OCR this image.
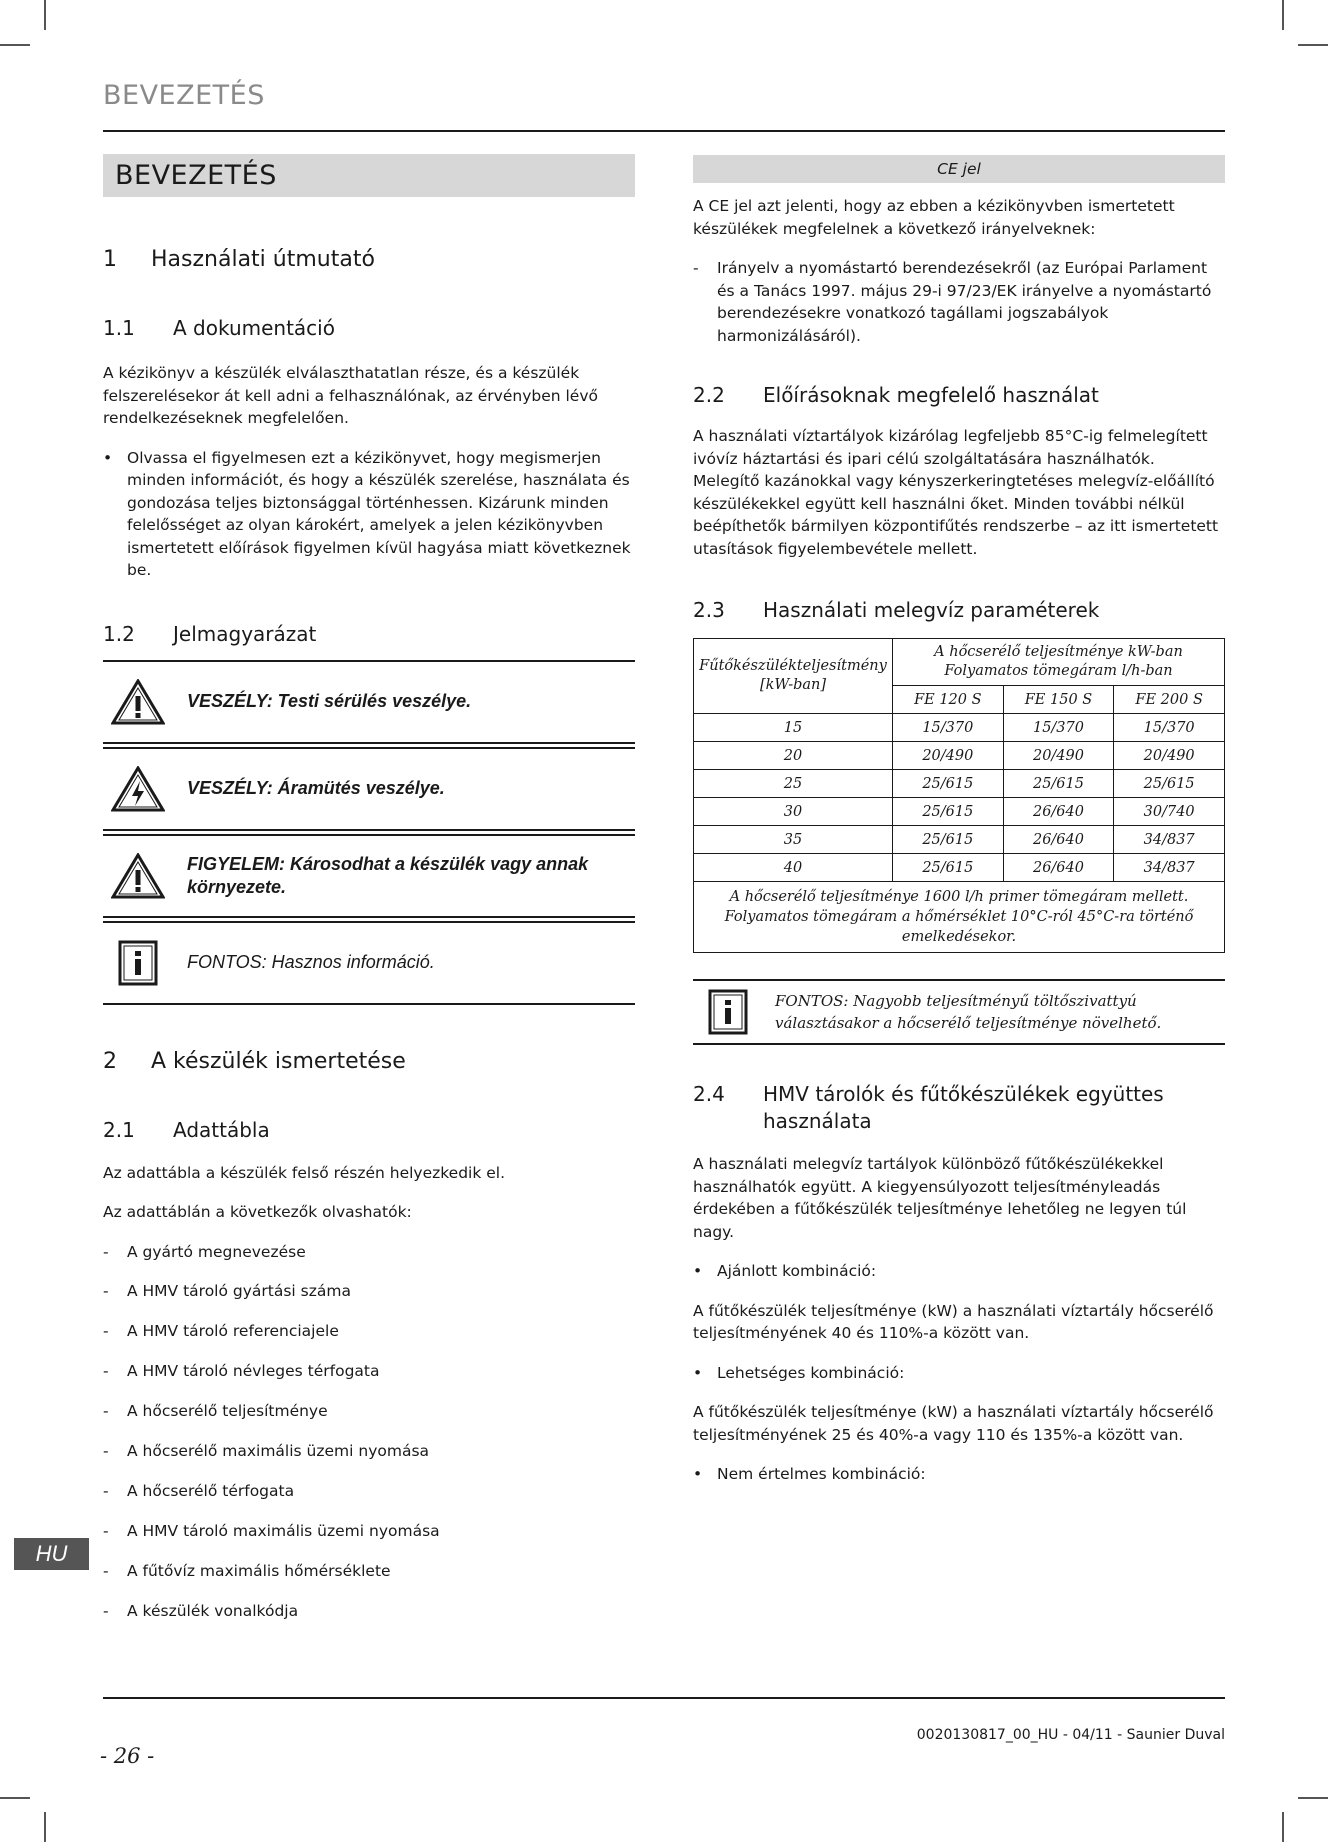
BEVEZETÉS
BEVEZETÉS
1	Használati útmutató
1.1	A dokumentáció

A kézikönyv a készülék elválaszthatatlan része, és a készülék felszerelésekor át kell adni a felhasználónak, az érvényben lévő rendelkezéseknek megfelelően.

• Olvassa el figyelmesen ezt a kézikönyvet, hogy megismerjen minden információt, és hogy a készülék szerelése, használata és gondozása teljes biztonsággal történhessen. Kizárunk minden felelősséget az olyan károkért, amelyek a jelen kézikönyvben ismertetett előírások figyelmen kívül hagyása miatt következnek be.
1.2	Jelmagyarázat
VESZÉLY: Testi sérülés veszélye.
VESZÉLY: Áramütés veszélye.
FIGYELEM: Károsodhat a készülék vagy annak környezete.
FONTOS: Hasznos információ.
2	A készülék ismertetése
2.1	Adattábla

Az adattábla a készülék felső részén helyezkedik el.

Az adattáblán a következők olvashatók:

-	A gyártó megnevezése
-	A HMV tároló gyártási száma
-	A HMV tároló referenciajele
-	A HMV tároló névleges térfogata
-	A hőcserélő teljesítménye
-	A hőcserélő maximális üzemi nyomása
-	A hőcserélő térfogata
-	A HMV tároló maximális üzemi nyomása
-	A fűtővíz maximális hőmérséklete
-	A készülék vonalkódja
CE jel

A CE jel azt jelenti, hogy az ebben a kézikönyvben ismertetett készülékek megfelelnek a következő irányelveknek:

-	Irányelv a nyomástartó berendezésekről (az Európai Parlament és a Tanács 1997. május 29-i 97/23/EK irányelve a nyomástartó berendezésekre vonatkozó tagállami jogszabályok harmonizálásáról).
2.2	Előírásoknak megfelelő használat

A használati víztartályok kizárólag legfeljebb 85°C-ig felmelegített ivóvíz háztartási és ipari célú szolgáltatására használhatók. Melegítő kazánokkal vagy kényszerkeringtetéses melegvíz-előállító készülékekkel együtt kell használni őket. Minden további nélkül beépíthetők bármilyen központifűtés rendszerbe – az itt ismertetett utasítások figyelembevétele mellett.

2.3	Használati melegvíz paraméterek
Fűtőkészülékteljesítmény [kW-ban]	A hőcserélő teljesítménye kW-ban Folyamatos tömegáram l/h-ban		
	FE 120 S	FE 150 S	FE 200 S
15	15/370	15/370	15/370
20	20/490	20/490	20/490
25	25/615	25/615	25/615
30	25/615	26/640	30/740
35	25/615	26/640	34/837
40	25/615	26/640	34/837
A hőcserélő teljesítménye 1600 l/h primer tömegáram mellett. Folyamatos tömegáram a hőmérséklet 10°C-ról 45°C-ra történő emelkedésekor.			
FONTOS: Nagyobb teljesítményű töltőszivattyú választásakor a hőcserélő teljesítménye növelhető.
2.4	HMV tárolók és fűtőkészülékek együttes használata

A használati melegvíz tartályok különböző fűtőkészülékekkel használhatók együtt. A kiegyensúlyozott teljesítményleadás érdekében a fűtőkészülék teljesítménye lehetőleg ne legyen túl nagy.

• Ajánlott kombináció:

A fűtőkészülék teljesítménye (kW) a használati víztartály hőcserélő teljesítményének 40 és 110%-a között van.

• Lehetséges kombináció:

A fűtőkészülék teljesítménye (kW) a használati víztartály hőcserélő teljesítményének 25 és 40%-a vagy 110 és 135%-a között van.

• Nem értelmes kombináció:
HU
0020130817_00_HU - 04/11 - Saunier Duval
- 26 -
